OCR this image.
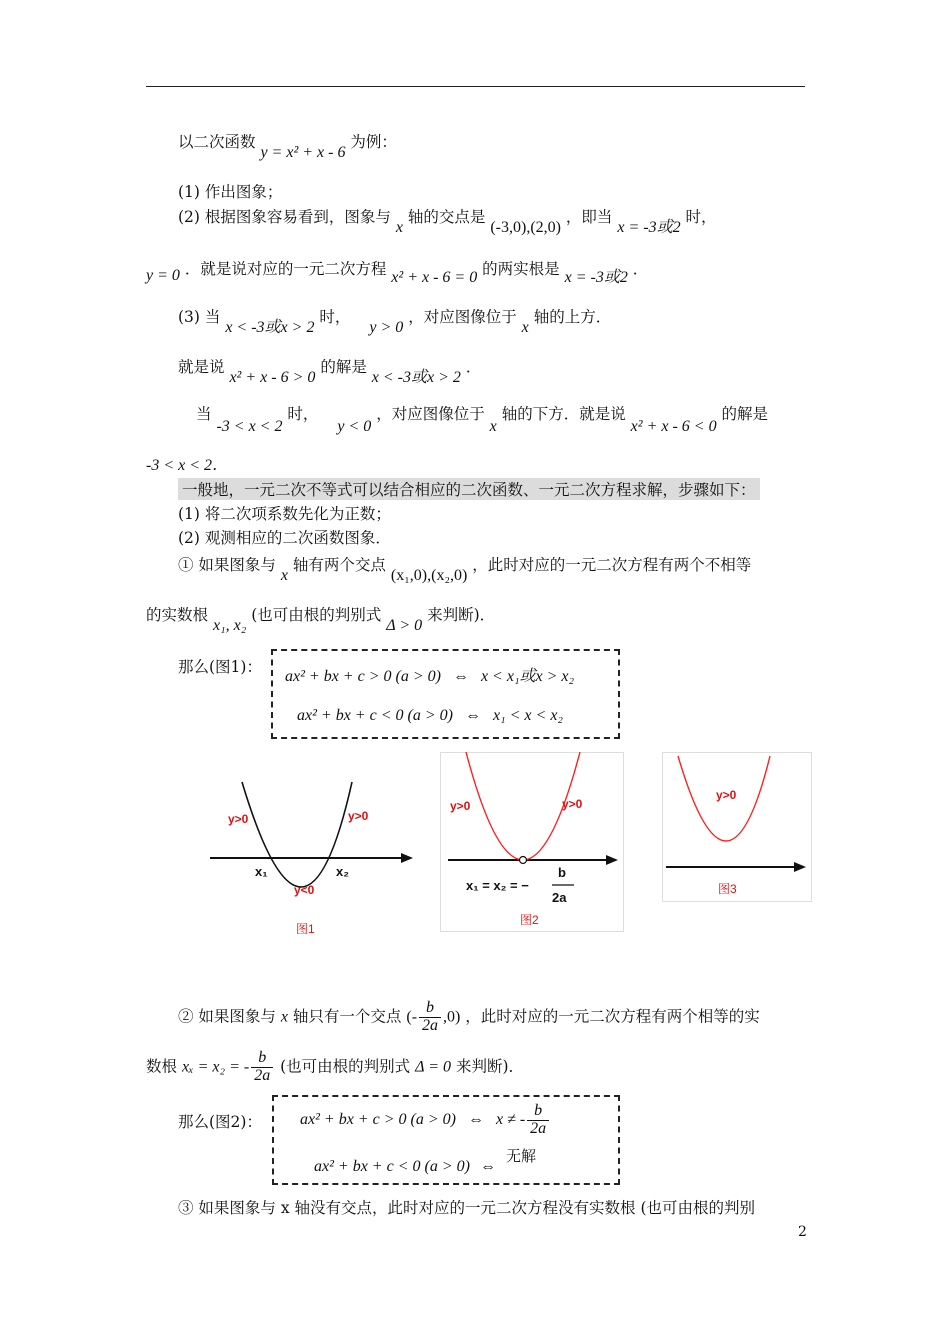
以二次函数 y = x² + x - 6 为例：
(1) 作出图象；
(2) 根据图象容易看到，图象与 x 轴的交点是 (-3,0),(2,0) ，即当 x = -3或2 时，
y = 0 ．就是说对应的一元二次方程 x² + x - 6 = 0 的两实根是 x = -3或2 ．
(3) 当 x < -3或x > 2 时， y > 0 ，对应图像位于 x 轴的上方．
就是说 x² + x - 6 > 0 的解是 x < -3或x > 2 ．
当 -3 < x < 2 时， y < 0 ，对应图像位于 x 轴的下方．就是说 x² + x - 6 < 0 的解是
-3 < x < 2．
一般地，一元二次不等式可以结合相应的二次函数、一元二次方程求解，步骤如下：
(1) 将二次项系数先化为正数；
(2) 观测相应的二次函数图象．
① 如果图象与 x 轴有两个交点 (x₁,0),(x₂,0) ，此时对应的一元二次方程有两个不相等
的实数根 x₁, x₂ (也可由根的判别式 Δ > 0 来判断)．
那么(图1)：
ax² + bx + c > 0 (a > 0) ⇔ x < x₁或x > x₂
ax² + bx + c < 0 (a > 0) ⇔ x₁ < x < x₂
y>0	y>0
y<0
x₁	x₂
图1
y>0	y>0
x₁ = x₂ = −
b
2a
图2
y>0
图3
② 如果图象与 x 轴只有一个交点 (- $\frac{b}{2a} ,0$) ，此时对应的一元二次方程有两个相等的实
数根 xₓ = x₂ = - $\frac{b}{2a}$ (也可由根的判别式 Δ = 0 来判断)．
那么(图2)： ax² + bx + c > 0 (a > 0) ⇔ x ≠ - $\frac{b}{2a}$
ax² + bx + c < 0 (a > 0) ⇔ 无解
③ 如果图象与 x 轴没有交点，此时对应的一元二次方程没有实数根 (也可由根的判别
2
